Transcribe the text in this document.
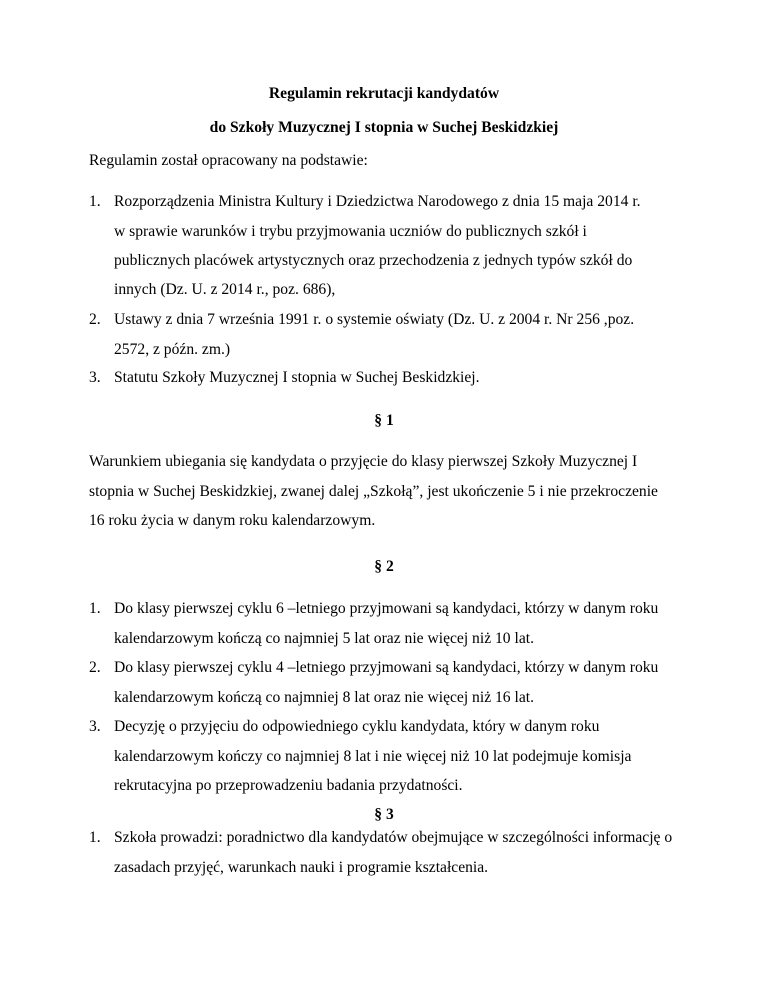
Regulamin rekrutacji kandydatów
do Szkoły Muzycznej I stopnia w Suchej Beskidzkiej
Regulamin został opracowany na podstawie:
1. Rozporządzenia Ministra Kultury i Dziedzictwa Narodowego z dnia 15 maja 2014 r.
w sprawie warunków i trybu przyjmowania uczniów do publicznych szkół i
publicznych placówek artystycznych oraz przechodzenia z jednych typów szkół do
innych (Dz. U. z 2014 r., poz. 686),
2. Ustawy z dnia 7 września 1991 r. o systemie oświaty (Dz. U. z 2004 r. Nr 256 ,poz.
2572, z późn. zm.)
3. Statutu Szkoły Muzycznej I stopnia w Suchej Beskidzkiej.
§ 1
Warunkiem ubiegania się kandydata o przyjęcie do klasy pierwszej Szkoły Muzycznej I
stopnia w Suchej Beskidzkiej, zwanej dalej „Szkołą”, jest ukończenie 5 i nie przekroczenie
16 roku życia w danym roku kalendarzowym.
§ 2
1. Do klasy pierwszej cyklu 6 –letniego przyjmowani są kandydaci, którzy w danym roku
kalendarzowym kończą co najmniej 5 lat oraz nie więcej niż 10 lat.
2. Do klasy pierwszej cyklu 4 –letniego przyjmowani są kandydaci, którzy w danym roku
kalendarzowym kończą co najmniej 8 lat oraz nie więcej niż 16 lat.
3. Decyzję o przyjęciu do odpowiedniego cyklu kandydata, który w danym roku
kalendarzowym kończy co najmniej 8 lat i nie więcej niż 10 lat podejmuje komisja
rekrutacyjna po przeprowadzeniu badania przydatności.
§ 3
1. Szkoła prowadzi: poradnictwo dla kandydatów obejmujące w szczególności informację o
zasadach przyjęć, warunkach nauki i programie kształcenia.
